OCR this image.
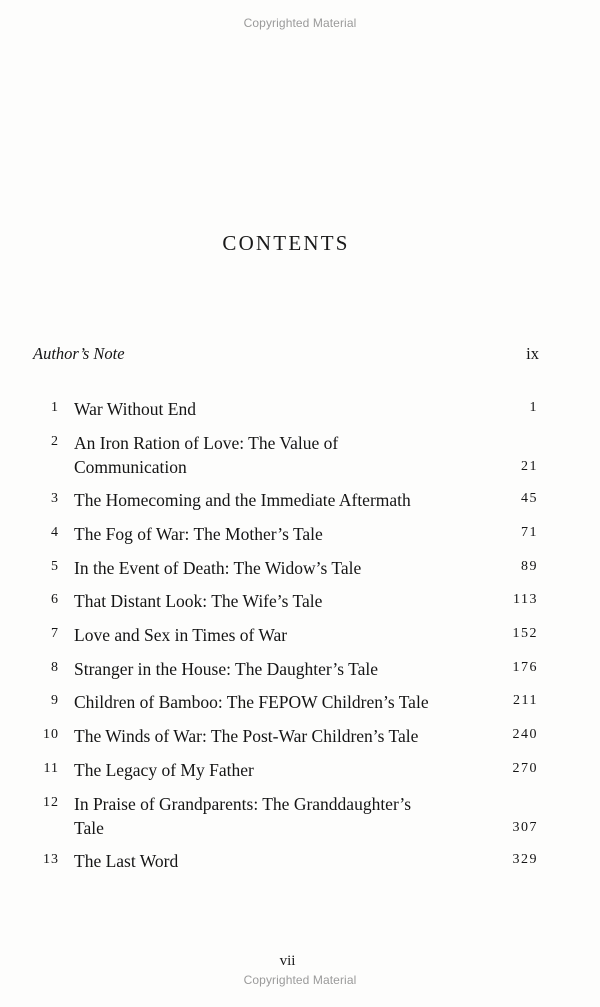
Copyrighted Material
CONTENTS
Author’s Note	ix
1 War Without End	1
2 An Iron Ration of Love: The Value of
Communication	21
3 The Homecoming and the Immediate Aftermath	45
4 The Fog of War: The Mother’s Tale	71
5 In the Event of Death: The Widow’s Tale	89
6 That Distant Look: The Wife’s Tale	113
7 Love and Sex in Times of War	152
8 Stranger in the House: The Daughter’s Tale	176
9 Children of Bamboo: The FEPOW Children’s Tale	211
10 The Winds of War: The Post-War Children’s Tale	240
11 The Legacy of My Father	270
12 In Praise of Grandparents: The Granddaughter’s
Tale	307
13 The Last Word	329
vii
Copyrighted Material
